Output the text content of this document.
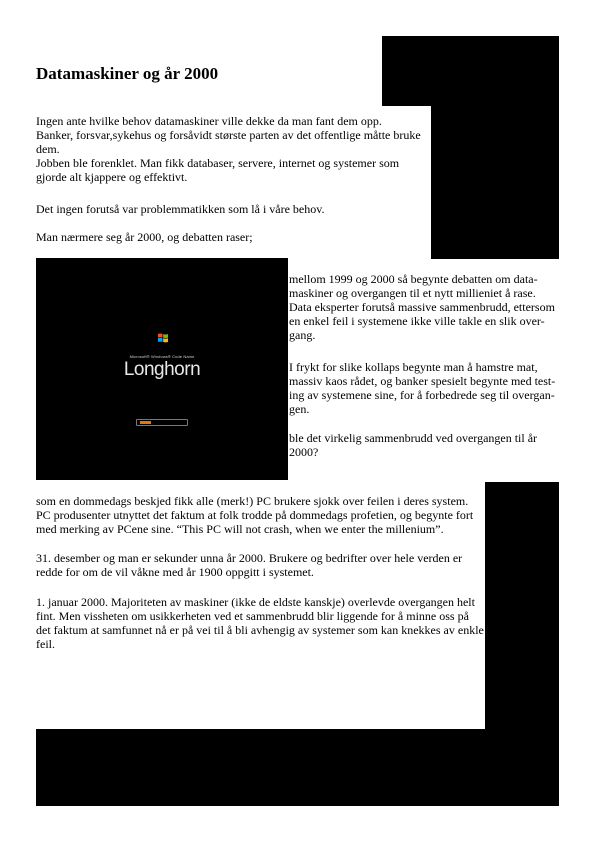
Datamaskiner og år 2000
Ingen ante hvilke behov datamaskiner ville dekke da man fant dem opp.
Banker, forsvar,sykehus og forsåvidt største parten av det offentlige måtte bruke
dem.
Jobben ble forenklet. Man fikk databaser, servere, internet og systemer som
gjorde alt kjappere og effektivt.

Det ingen forutså var problemmatikken som lå i våre behov.

Man nærmere seg år 2000, og debatten raser;

Microsoft® Windows® Code Name
Longhorn
mellom 1999 og 2000 så begynte debatten om data-
maskiner og overgangen til et nytt millieniet å rase.
Data eksperter forutså massive sammenbrudd, ettersom
en enkel feil i systemene ikke ville takle en slik over-
gang.
I frykt for slike kollaps begynte man å hamstre mat,
massiv kaos rådet, og banker spesielt begynte med test-
ing av systemene sine, for å forbedrede seg til overgan-
gen.
ble det virkelig sammenbrudd ved overgangen til år
2000?
som en dommedags beskjed fikk alle (merk!) PC brukere sjokk over feilen i deres system.
PC produsenter utnyttet det faktum at folk trodde på dommedags profetien, og begynte fort
med merking av PCene sine. “This PC will not crash, when we enter the millenium”.
31. desember og man er sekunder unna år 2000. Brukere og bedrifter over hele verden er
redde for om de vil våkne med år 1900 oppgitt i systemet.
1. januar 2000. Majoriteten av maskiner (ikke de eldste kanskje) overlevde overgangen helt
fint. Men vissheten om usikkerheten ved et sammenbrudd blir liggende for å minne oss på
det faktum at samfunnet nå er på vei til å bli avhengig av systemer som kan knekkes av enkle
feil.
